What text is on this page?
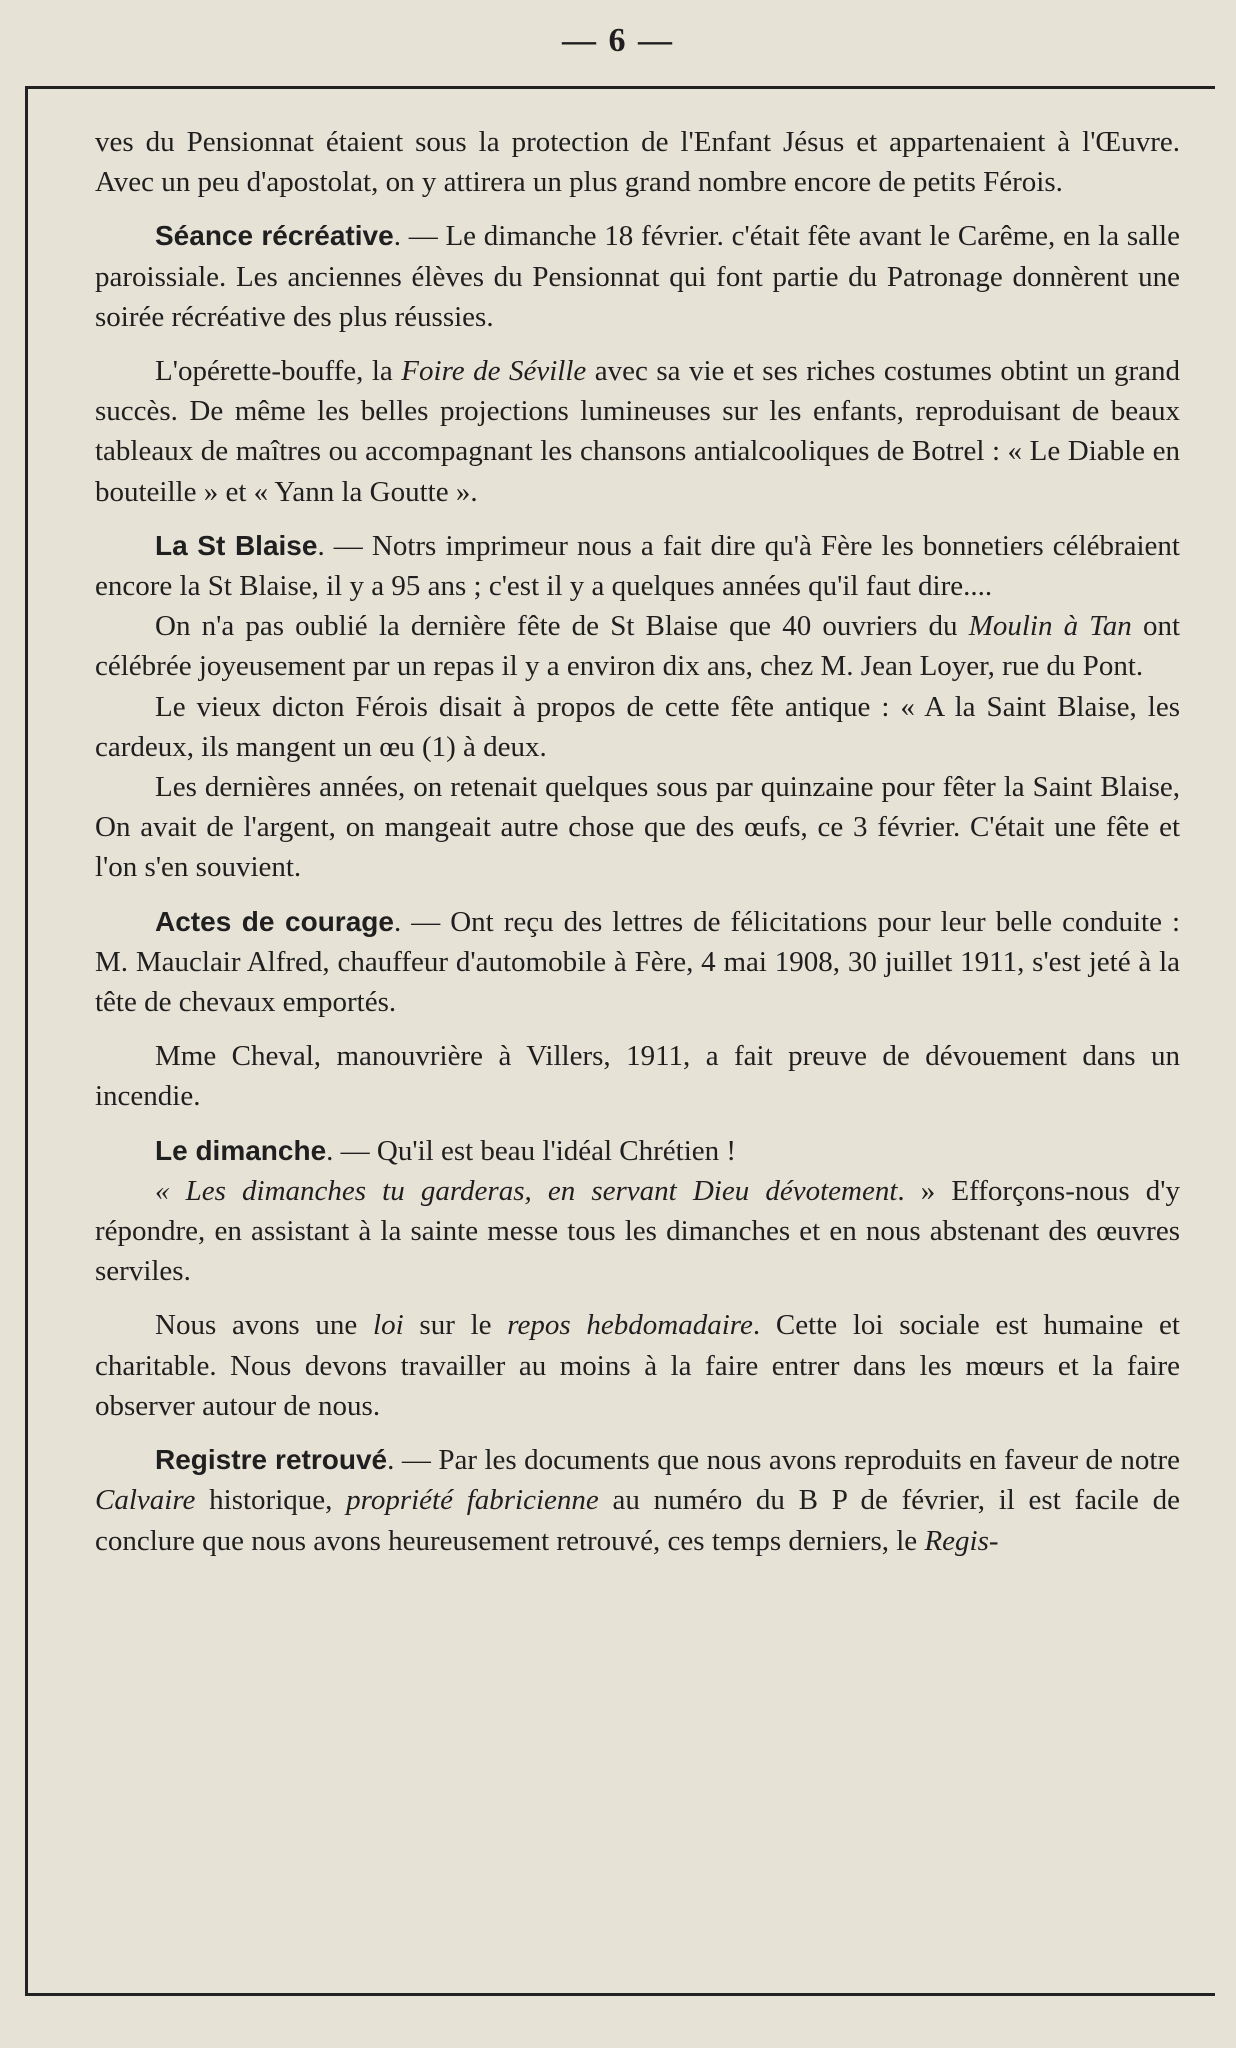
— 6 —

ves du Pensionnat étaient sous la protection de l'Enfant Jésus et appartenaient à l'Œuvre. Avec un peu d'apostolat, on y attirera un plus grand nombre encore de petits Férois.

Séance récréative. — Le dimanche 18 février. c'était fête avant le Carême, en la salle paroissiale. Les anciennes élèves du Pensionnat qui font partie du Patronage donnèrent une soirée récréative des plus réussies.

L'opérette-bouffe, la Foire de Séville avec sa vie et ses riches costumes obtint un grand succès. De même les belles projections lumineuses sur les enfants, reproduisant de beaux tableaux de maîtres ou accompagnant les chansons antialcooliques de Botrel : « Le Diable en bouteille » et « Yann la Goutte ».

La St Blaise. — Notrs imprimeur nous a fait dire qu'à Fère les bonnetiers célébraient encore la St Blaise, il y a 95 ans ; c'est il y a quelques années qu'il faut dire....

On n'a pas oublié la dernière fête de St Blaise que 40 ouvriers du Moulin à Tan ont célébrée joyeusement par un repas il y a environ dix ans, chez M. Jean Loyer, rue du Pont.

Le vieux dicton Férois disait à propos de cette fête antique : « A la Saint Blaise, les cardeux, ils mangent un œu (1) à deux.

Les dernières années, on retenait quelques sous par quinzaine pour fêter la Saint Blaise, On avait de l'argent, on mangeait autre chose que des œufs, ce 3 février. C'était une fête et l'on s'en souvient.

Actes de courage. — Ont reçu des lettres de félicitations pour leur belle conduite : M. Mauclair Alfred, chauffeur d'automobile à Fère, 4 mai 1908, 30 juillet 1911, s'est jeté à la tête de chevaux emportés.

Mme Cheval, manouvrière à Villers, 1911, a fait preuve de dévouement dans un incendie.

Le dimanche. — Qu'il est beau l'idéal Chrétien !

« Les dimanches tu garderas, en servant Dieu dévotement. » Efforçons-nous d'y répondre, en assistant à la sainte messe tous les dimanches et en nous abstenant des œuvres serviles.

Nous avons une loi sur le repos hebdomadaire. Cette loi sociale est humaine et charitable. Nous devons travailler au moins à la faire entrer dans les mœurs et la faire observer autour de nous.

Registre retrouvé. — Par les documents que nous avons reproduits en faveur de notre Calvaire historique, propriété fabricienne au numéro du B P de février, il est facile de conclure que nous avons heureusement retrouvé, ces temps derniers, le Regis-
